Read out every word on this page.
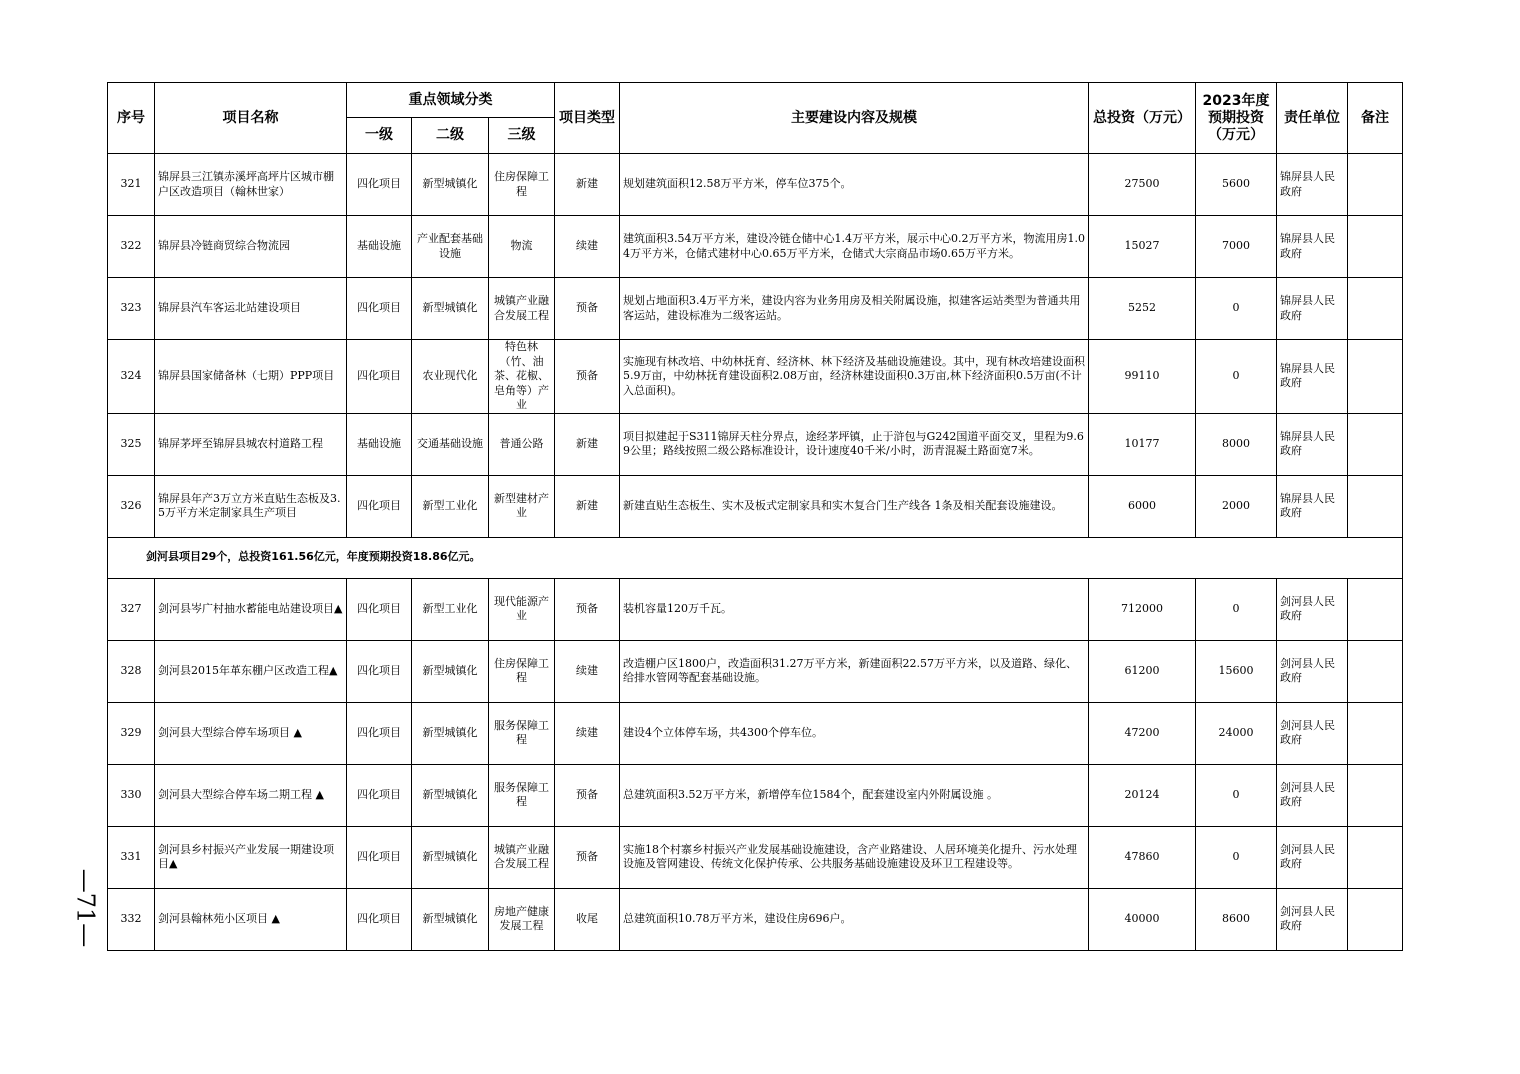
序号	项目名称	重点领域分类			项目类型	主要建设内容及规模	总投资（万元）	2023年度预期投资（万元）	责任单位	备注
		一级	二级	三级						
321	锦屏县三江镇赤溪坪高坪片区城市棚户区改造项目（翰林世家）	四化项目	新型城镇化	住房保障工程	新建	规划建筑面积12.58万平方米，停车位375个。	27500	5600	锦屏县人民政府	
322	锦屏县冷链商贸综合物流园	基础设施	产业配套基础设施	物流	续建	建筑面积3.54万平方米，建设冷链仓储中心1.4万平方米，展示中心0.2万平方米，物流用房1.04万平方米，仓储式建材中心0.65万平方米，仓储式大宗商品市场0.65万平方米。	15027	7000	锦屏县人民政府	
323	锦屏县汽车客运北站建设项目	四化项目	新型城镇化	城镇产业融合发展工程	预备	规划占地面积3.4万平方米，建设内容为业务用房及相关附属设施，拟建客运站类型为普通共用客运站，建设标准为二级客运站。	5252	0	锦屏县人民政府	
324	锦屏县国家储备林（七期）PPP项目	四化项目	农业现代化	特色林（竹、油茶、花椒、皂角等）产业	预备	实施现有林改培、中幼林抚育、经济林、林下经济及基础设施建设。其中，现有林改培建设面积5.9万亩，中幼林抚育建设面积2.08万亩，经济林建设面积0.3万亩,林下经济面积0.5万亩(不计入总面积)。	99110	0	锦屏县人民政府	
325	锦屏茅坪至锦屏县城农村道路工程	基础设施	交通基础设施	普通公路	新建	项目拟建起于S311锦屏天柱分界点，途经茅坪镇，止于浒包与G242国道平面交叉，里程为9.69公里；路线按照二级公路标准设计，设计速度40千米/小时，沥青混凝土路面宽7米。	10177	8000	锦屏县人民政府	
326	锦屏县年产3万立方米直贴生态板及3.5万平方米定制家具生产项目	四化项目	新型工业化	新型建材产业	新建	新建直贴生态板生、实木及板式定制家具和实木复合门生产线各 1条及相关配套设施建设。	6000	2000	锦屏县人民政府	
剑河县项目29个，总投资161.56亿元，年度预期投资18.86亿元。										
327	剑河县岑广村抽水蓄能电站建设项目▲	四化项目	新型工业化	现代能源产业	预备	装机容量120万千瓦。	712000	0	剑河县人民政府	
328	剑河县2015年革东棚户区改造工程▲	四化项目	新型城镇化	住房保障工程	续建	改造棚户区1800户，改造面积31.27万平方米，新建面积22.57万平方米，以及道路、绿化、给排水管网等配套基础设施。	61200	15600	剑河县人民政府	
329	剑河县大型综合停车场项目 ▲	四化项目	新型城镇化	服务保障工程	续建	建设4个立体停车场，共4300个停车位。	47200	24000	剑河县人民政府	
330	剑河县大型综合停车场二期工程 ▲	四化项目	新型城镇化	服务保障工程	预备	总建筑面积3.52万平方米，新增停车位1584个，配套建设室内外附属设施 。	20124	0	剑河县人民政府	
331	剑河县乡村振兴产业发展一期建设项目▲	四化项目	新型城镇化	城镇产业融合发展工程	预备	实施18个村寨乡村振兴产业发展基础设施建设，含产业路建设、人居环境美化提升、污水处理设施及管网建设、传统文化保护传承、公共服务基础设施建设及环卫工程建设等。	47860	0	剑河县人民政府	
332	剑河县翰林苑小区项目 ▲	四化项目	新型城镇化	房地产健康发展工程	收尾	总建筑面积10.78万平方米，建设住房696户。	40000	8600	剑河县人民政府	
—71—
